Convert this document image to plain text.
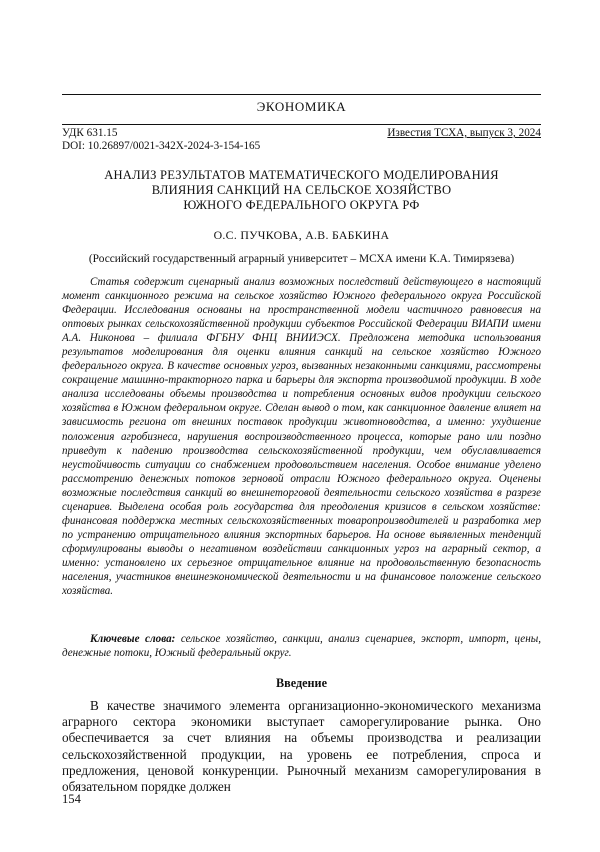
ЭКОНОМИКА
УДК 631.15
DOI: 10.26897/0021-342X-2024-3-154-165
Известия ТСХА, выпуск 3, 2024
АНАЛИЗ РЕЗУЛЬТАТОВ МАТЕМАТИЧЕСКОГО МОДЕЛИРОВАНИЯ
ВЛИЯНИЯ САНКЦИЙ НА СЕЛЬСКОЕ ХОЗЯЙСТВО
ЮЖНОГО ФЕДЕРАЛЬНОГО ОКРУГА РФ
О.С. ПУЧКОВА, А.В. БАБКИНА
(Российский государственный аграрный университет – МСХА имени К.А. Тимирязева)
Статья содержит сценарный анализ возможных последствий действующего в настоящий момент санкционного режима на сельское хозяйство Южного федерального округа Российской Федерации. Исследования основаны на пространственной модели частичного равновесия на оптовых рынках сельскохозяйственной продукции субъектов Российской Федерации ВИАПИ имени А.А. Никонова – филиала ФГБНУ ФНЦ ВНИИЭСХ. Предложена методика использования результатов моделирования для оценки влияния санкций на сельское хозяйство Южного федерального округа. В качестве основных угроз, вызванных незаконными санкциями, рассмотрены сокращение машинно-тракторного парка и барьеры для экспорта производимой продукции. В ходе анализа исследованы объемы производства и потребления основных видов продукции сельского хозяйства в Южном федеральном округе. Сделан вывод о том, как санкционное давление влияет на зависимость региона от внешних поставок продукции животноводства, а именно: ухудшение положения агробизнеса, нарушения воспроизводственного процесса, которые рано или поздно приведут к падению производства сельскохозяйственной продукции, чем обуславливается неустойчивость ситуации со снабжением продовольствием населения. Особое внимание уделено рассмотрению денежных потоков зерновой отрасли Южного федерального округа. Оценены возможные последствия санкций во внешнеторговой деятельности сельского хозяйства в разрезе сценариев. Выделена особая роль государства для преодоления кризисов в сельском хозяйстве: финансовая поддержка местных сельскохозяйственных товаропроизводителей и разработка мер по устранению отрицательного влияния экспортных барьеров. На основе выявленных тенденций сформулированы выводы о негативном воздействии санкционных угроз на аграрный сектор, а именно: установлено их серьезное отрицательное влияние на продовольственную безопасность населения, участников внешнеэкономической деятельности и на финансовое положение сельского хозяйства.
Ключевые слова: сельское хозяйство, санкции, анализ сценариев, экспорт, импорт, цены, денежные потоки, Южный федеральный округ.
Введение
В качестве значимого элемента организационно-экономического механизма аграрного сектора экономики выступает саморегулирование рынка. Оно обеспечивается за счет влияния на объемы производства и реализации сельскохозяйственной продукции, на уровень ее потребления, спроса и предложения, ценовой конкуренции. Рыночный механизм саморегулирования в обязательном порядке должен
154
